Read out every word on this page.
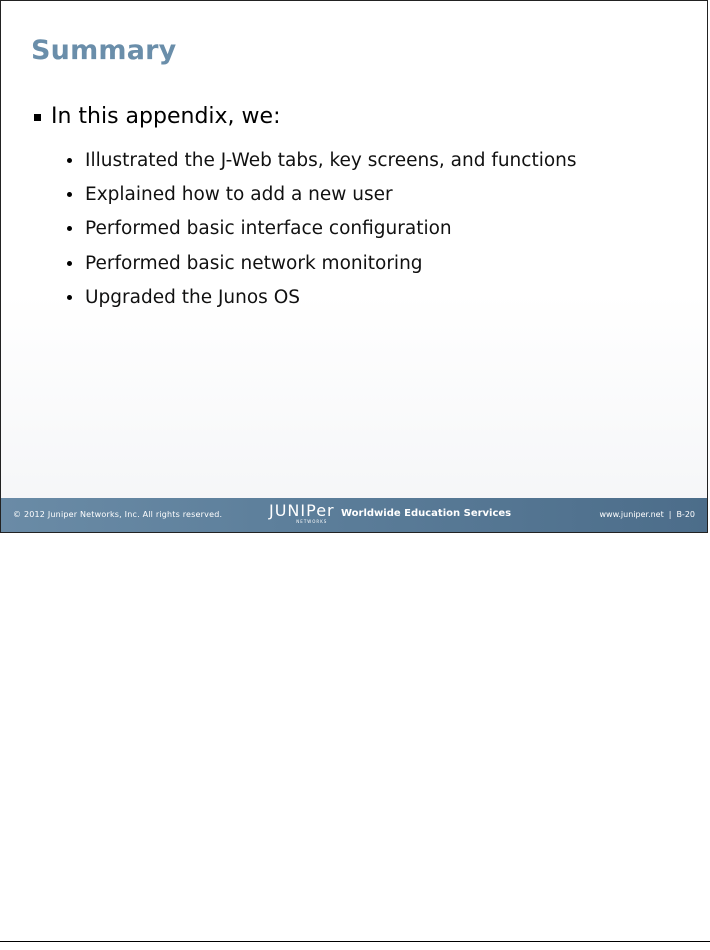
Summary
In this appendix, we:
Illustrated the J-Web tabs, key screens, and functions
Explained how to add a new user
Performed basic interface configuration
Performed basic network monitoring
Upgraded the Junos OS
© 2012 Juniper Networks, Inc. All rights reserved.	JUNIPer
NETWORKS
Worldwide Education Services	www.juniper.net | B-20
